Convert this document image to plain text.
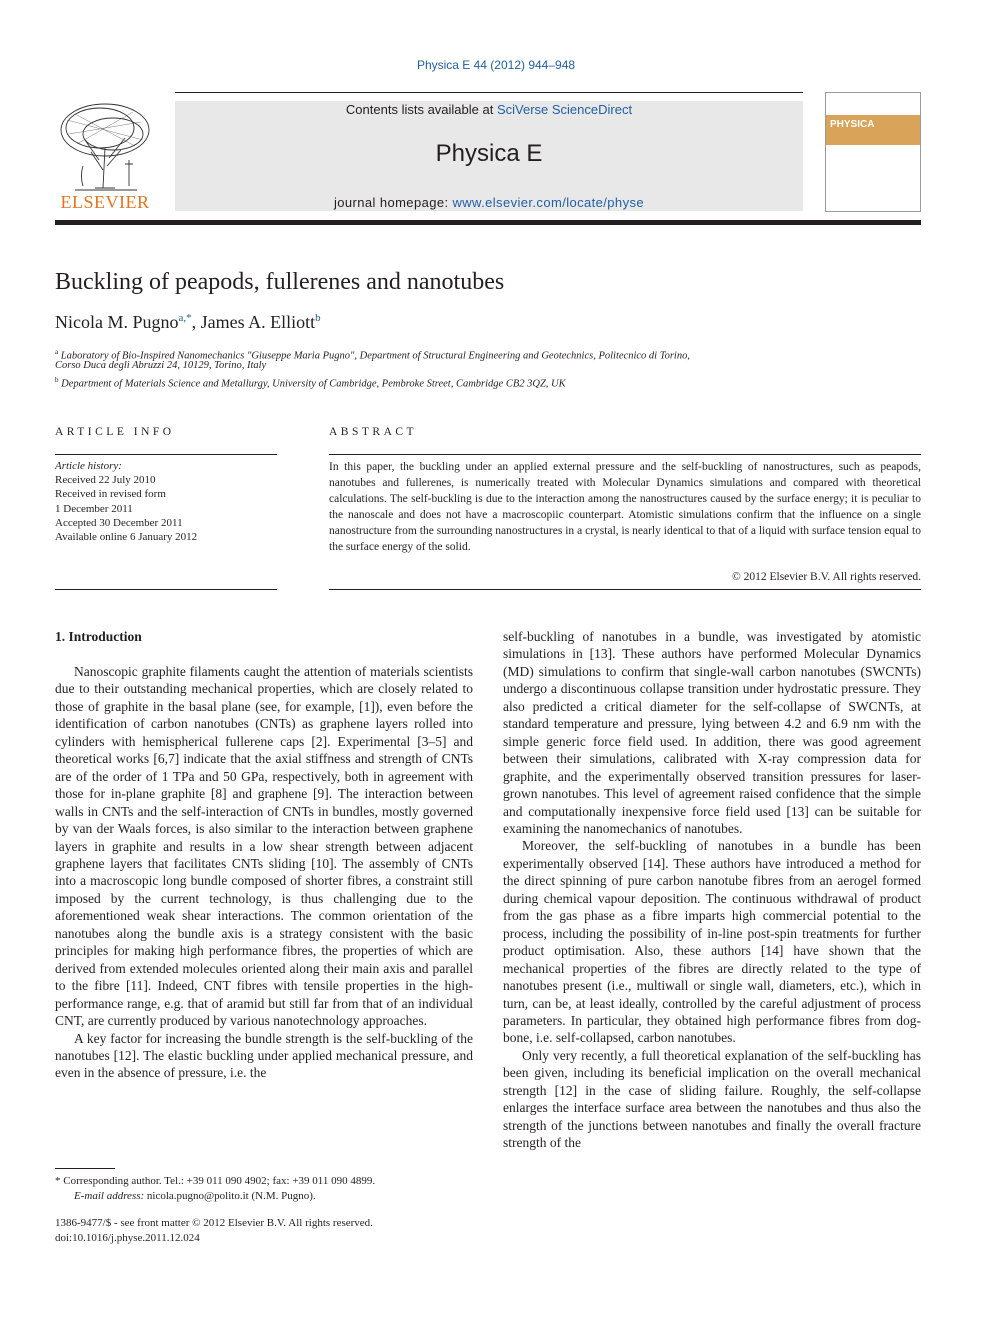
Physica E 44 (2012) 944–948
Contents lists available at SciVerse ScienceDirect
Physica E
journal homepage: www.elsevier.com/locate/physe
ELSEVIER
PHYSICA
Buckling of peapods, fullerenes and nanotubes
Nicola M. Pugno$^{a,*}$, James A. Elliott$^b$
$^a$ Laboratory of Bio-Inspired Nanomechanics "Giuseppe Maria Pugno", Department of Structural Engineering and Geotechnics, Politecnico di Torino,
Corso Duca degli Abruzzi 24, 10129, Torino, Italy
$^b$ Department of Materials Science and Metallurgy, University of Cambridge, Pembroke Street, Cambridge CB2 3QZ, UK
ARTICLE INFO
Article history:
Received 22 July 2010
Received in revised form
1 December 2011
Accepted 30 December 2011
Available online 6 January 2012
ABSTRACT
In this paper, the buckling under an applied external pressure and the self-buckling of nanostructures, such as peapods, nanotubes and fullerenes, is numerically treated with Molecular Dynamics simulations and compared with theoretical calculations. The self-buckling is due to the interaction among the nanostructures caused by the surface energy; it is peculiar to the nanoscale and does not have a macroscopiic counterpart. Atomistic simulations confirm that the influence on a single nanostructure from the surrounding nanostructures in a crystal, is nearly identical to that of a liquid with surface tension equal to the surface energy of the solid.
© 2012 Elsevier B.V. All rights reserved.
1. Introduction

Nanoscopic graphite filaments caught the attention of materials scientists due to their outstanding mechanical properties, which are closely related to those of graphite in the basal plane (see, for example, [1]), even before the identification of carbon nanotubes (CNTs) as graphene layers rolled into cylinders with hemispherical fullerene caps [2]. Experimental [3–5] and theoretical works [6,7] indicate that the axial stiffness and strength of CNTs are of the order of 1 TPa and 50 GPa, respectively, both in agreement with those for in-plane graphite [8] and graphene [9]. The interaction between walls in CNTs and the self-interaction of CNTs in bundles, mostly governed by van der Waals forces, is also similar to the interaction between graphene layers in graphite and results in a low shear strength between adjacent graphene layers that facilitates CNTs sliding [10]. The assembly of CNTs into a macroscopic long bundle composed of shorter fibres, a constraint still imposed by the current technology, is thus challenging due to the aforementioned weak shear interactions. The common orientation of the nanotubes along the bundle axis is a strategy consistent with the basic principles for making high performance fibres, the properties of which are derived from extended molecules oriented along their main axis and parallel to the fibre [11]. Indeed, CNT fibres with tensile properties in the high-performance range, e.g. that of aramid but still far from that of an individual CNT, are currently produced by various nanotechnology approaches.

A key factor for increasing the bundle strength is the self-buckling of the nanotubes [12]. The elastic buckling under applied mechanical pressure, and even in the absence of pressure, i.e. the

self-buckling of nanotubes in a bundle, was investigated by atomistic simulations in [13]. These authors have performed Molecular Dynamics (MD) simulations to confirm that single-wall carbon nanotubes (SWCNTs) undergo a discontinuous collapse transition under hydrostatic pressure. They also predicted a critical diameter for the self-collapse of SWCNTs, at standard temperature and pressure, lying between 4.2 and 6.9 nm with the simple generic force field used. In addition, there was good agreement between their simulations, calibrated with X-ray compression data for graphite, and the experimentally observed transition pressures for laser-grown nanotubes. This level of agreement raised confidence that the simple and computationally inexpensive force field used [13] can be suitable for examining the nanomechanics of nanotubes.

Moreover, the self-buckling of nanotubes in a bundle has been experimentally observed [14]. These authors have introduced a method for the direct spinning of pure carbon nanotube fibres from an aerogel formed during chemical vapour deposition. The continuous withdrawal of product from the gas phase as a fibre imparts high commercial potential to the process, including the possibility of in-line post-spin treatments for further product optimisation. Also, these authors [14] have shown that the mechanical properties of the fibres are directly related to the type of nanotubes present (i.e., multiwall or single wall, diameters, etc.), which in turn, can be, at least ideally, controlled by the careful adjustment of process parameters. In particular, they obtained high performance fibres from dog-bone, i.e. self-collapsed, carbon nanotubes.

Only very recently, a full theoretical explanation of the self-buckling has been given, including its beneficial implication on the overall mechanical strength [12] in the case of sliding failure. Roughly, the self-collapse enlarges the interface surface area between the nanotubes and thus also the strength of the junctions between nanotubes and finally the overall fracture strength of the

* Corresponding author. Tel.: +39 011 090 4902; fax: +39 011 090 4899.
E-mail address: nicola.pugno@polito.it (N.M. Pugno).
1386-9477/$ - see front matter © 2012 Elsevier B.V. All rights reserved.
doi:10.1016/j.physe.2011.12.024
